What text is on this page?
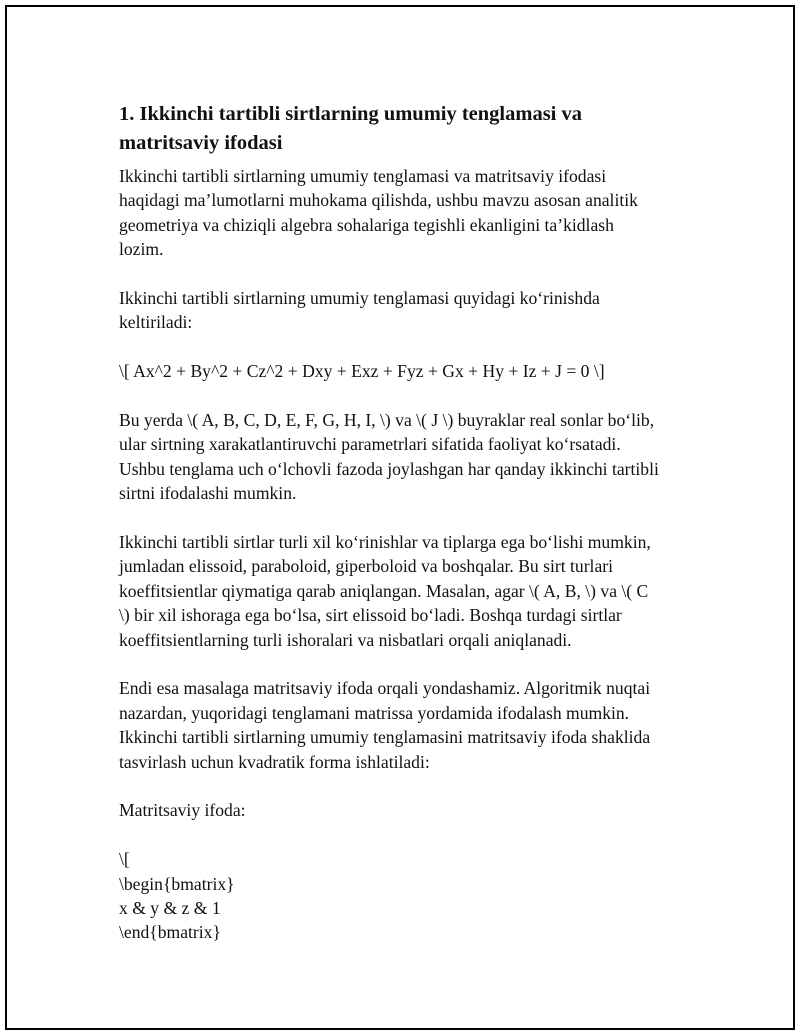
1. Ikkinchi tartibli sirtlarning umumiy tenglamasi va
matritsaviy ifodasi

Ikkinchi tartibli sirtlarning umumiy tenglamasi va matritsaviy ifodasi
haqidagi ma’lumotlarni muhokama qilishda, ushbu mavzu asosan analitik
geometriya va chiziqli algebra sohalariga tegishli ekanligini ta’kidlash
lozim.

Ikkinchi tartibli sirtlarning umumiy tenglamasi quyidagi koʻrinishda
keltiriladi:

\[ Ax^2 + By^2 + Cz^2 + Dxy + Exz + Fyz + Gx + Hy + Iz + J = 0 \]

Bu yerda \( A, B, C, D, E, F, G, H, I, \) va \( J \) buyraklar real sonlar boʻlib,
ular sirtning xarakatlantiruvchi parametrlari sifatida faoliyat koʻrsatadi.
Ushbu tenglama uch oʻlchovli fazoda joylashgan har qanday ikkinchi tartibli
sirtni ifodalashi mumkin.

Ikkinchi tartibli sirtlar turli xil koʻrinishlar va tiplarga ega boʻlishi mumkin,
jumladan elissoid, paraboloid, giperboloid va boshqalar. Bu sirt turlari
koeffitsientlar qiymatiga qarab aniqlangan. Masalan, agar \( A, B, \) va \( C
\) bir xil ishoraga ega boʻlsa, sirt elissoid boʻladi. Boshqa turdagi sirtlar
koeffitsientlarning turli ishoralari va nisbatlari orqali aniqlanadi.

Endi esa masalaga matritsaviy ifoda orqali yondashamiz. Algoritmik nuqtai
nazardan, yuqoridagi tenglamani matrissa yordamida ifodalash mumkin.
Ikkinchi tartibli sirtlarning umumiy tenglamasini matritsaviy ifoda shaklida
tasvirlash uchun kvadratik forma ishlatiladi:

Matritsaviy ifoda:

\[
\begin{bmatrix}
x & y & z & 1
\end{bmatrix}
